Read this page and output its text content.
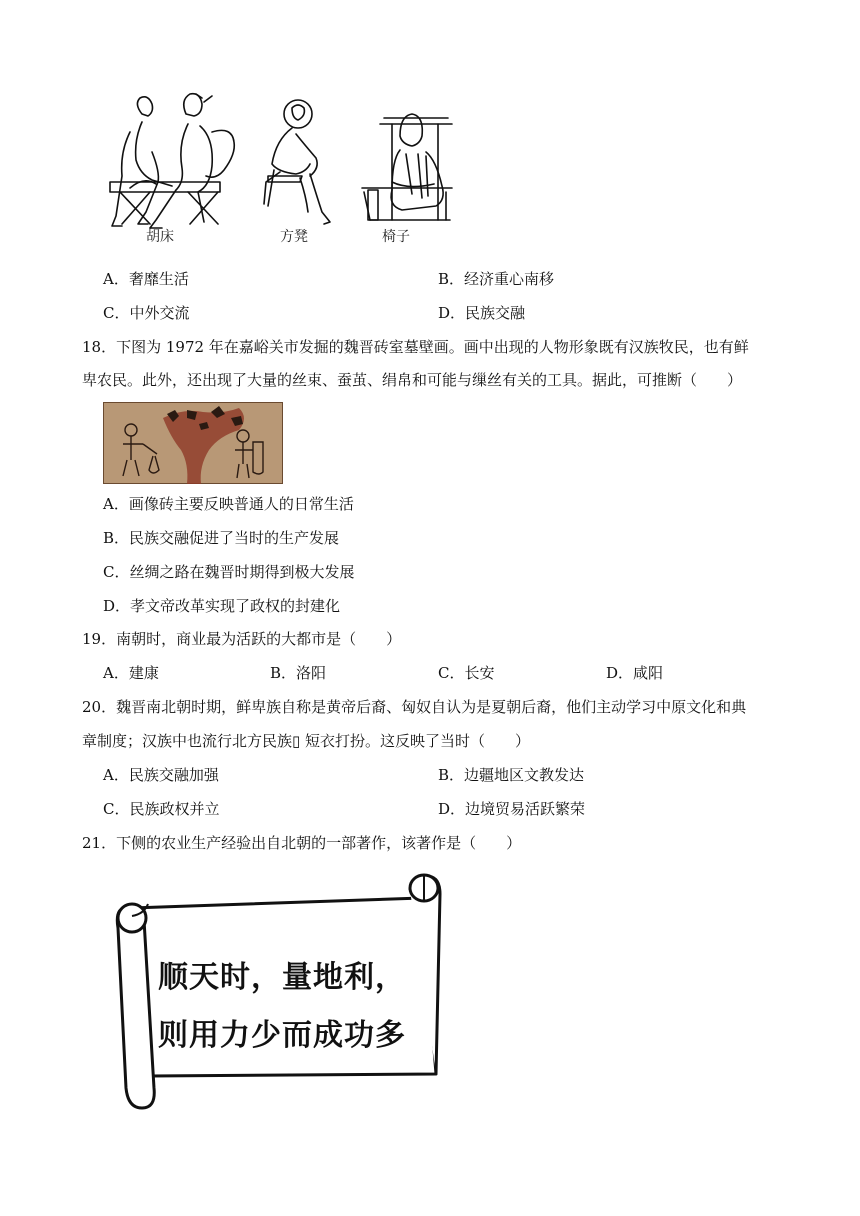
胡床	方凳	椅子
A．奢靡生活	B．经济重心南移
C．中外交流	D．民族交融
18．下图为 1972 年在嘉峪关市发掘的魏晋砖室墓壁画。画中出现的人物形象既有汉族牧民，也有鲜
卑农民。此外，还出现了大量的丝束、蚕茧、绢帛和可能与缫丝有关的工具。据此，可推断（　　）
A．画像砖主要反映普通人的日常生活
B．民族交融促进了当时的生产发展
C．丝绸之路在魏晋时期得到极大发展
D．孝文帝改革实现了政权的封建化
19．南朝时，商业最为活跃的大都市是（　　）
A．建康	B．洛阳	C．长安	D．咸阳
20．魏晋南北朝时期，鲜卑族自称是黄帝后裔、匈奴自认为是夏朝后裔，他们主动学习中原文化和典
章制度；汉族中也流行北方民族▯ 短衣打扮。这反映了当时（　　）
A．民族交融加强	B．边疆地区文教发达
C．民族政权并立	D．边境贸易活跃繁荣
21．下侧的农业生产经验出自北朝的一部著作，该著作是（　　）
顺天时，量地利，
则用力少而成功多
